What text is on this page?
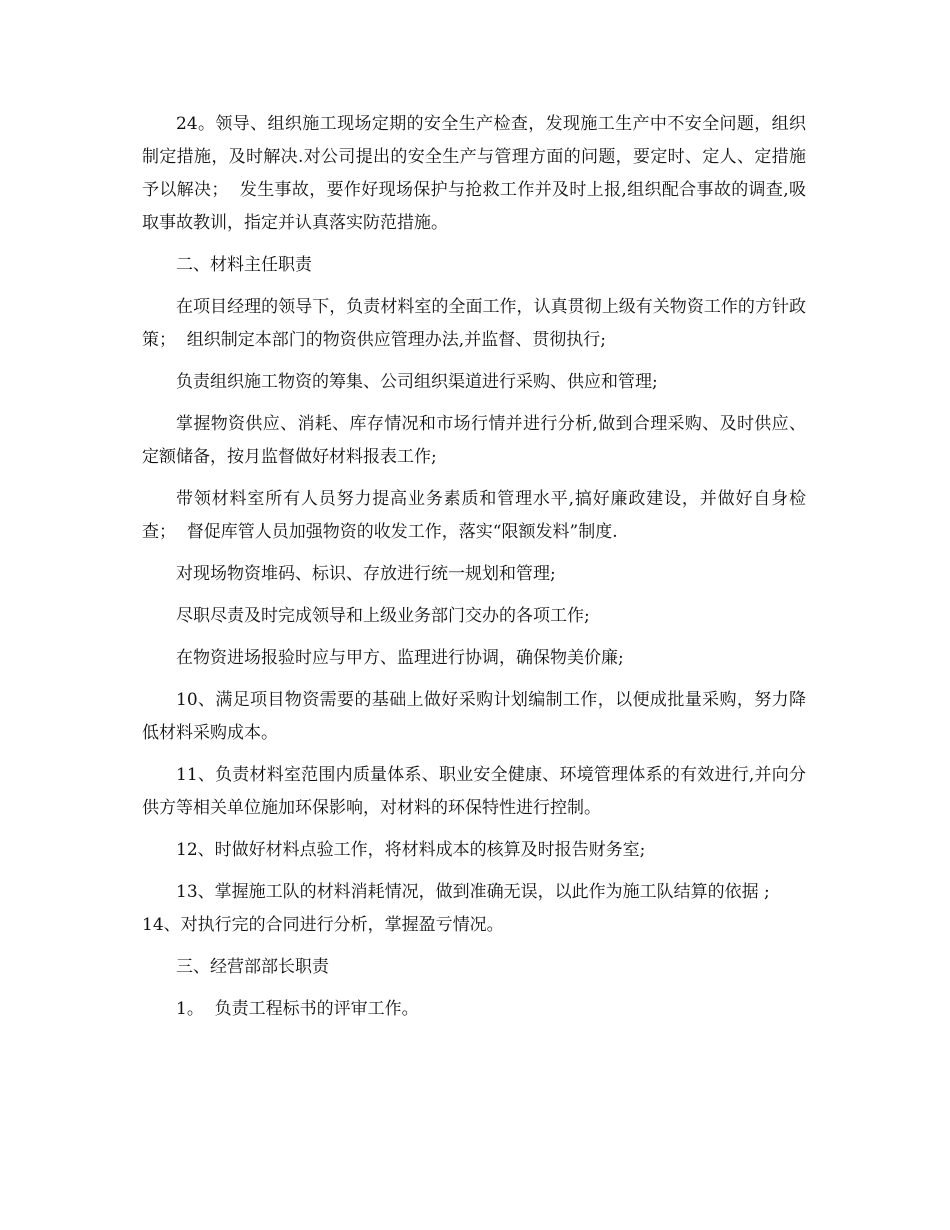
24。领导、组织施工现场定期的安全生产检查，发现施工生产中不安全问题，组织制定措施，及时解决.对公司提出的安全生产与管理方面的问题，要定时、定人、定措施予以解决；  发生事故，要作好现场保护与抢救工作并及时上报,组织配合事故的调查,吸取事故教训，指定并认真落实防范措施。

二、材料主任职责

在项目经理的领导下，负责材料室的全面工作，认真贯彻上级有关物资工作的方针政策；  组织制定本部门的物资供应管理办法,并监督、贯彻执行;

负责组织施工物资的筹集、公司组织渠道进行采购、供应和管理;

掌握物资供应、消耗、库存情况和市场行情并进行分析,做到合理采购、及时供应、定额储备，按月监督做好材料报表工作;

带领材料室所有人员努力提高业务素质和管理水平,搞好廉政建设，并做好自身检查；  督促库管人员加强物资的收发工作，落实“限额发料”制度.

对现场物资堆码、标识、存放进行统一规划和管理;

尽职尽责及时完成领导和上级业务部门交办的各项工作;

在物资进场报验时应与甲方、监理进行协调，确保物美价廉;

10、满足项目物资需要的基础上做好采购计划编制工作，以便成批量采购，努力降低材料采购成本。

11、负责材料室范围内质量体系、职业安全健康、环境管理体系的有效进行,并向分供方等相关单位施加环保影响，对材料的环保特性进行控制。

12、时做好材料点验工作，将材料成本的核算及时报告财务室;

13、掌握施工队的材料消耗情况，做到准确无误，以此作为施工队结算的依据 ;

14、对执行完的合同进行分析，掌握盈亏情况。

三、经营部部长职责

1。  负责工程标书的评审工作。
